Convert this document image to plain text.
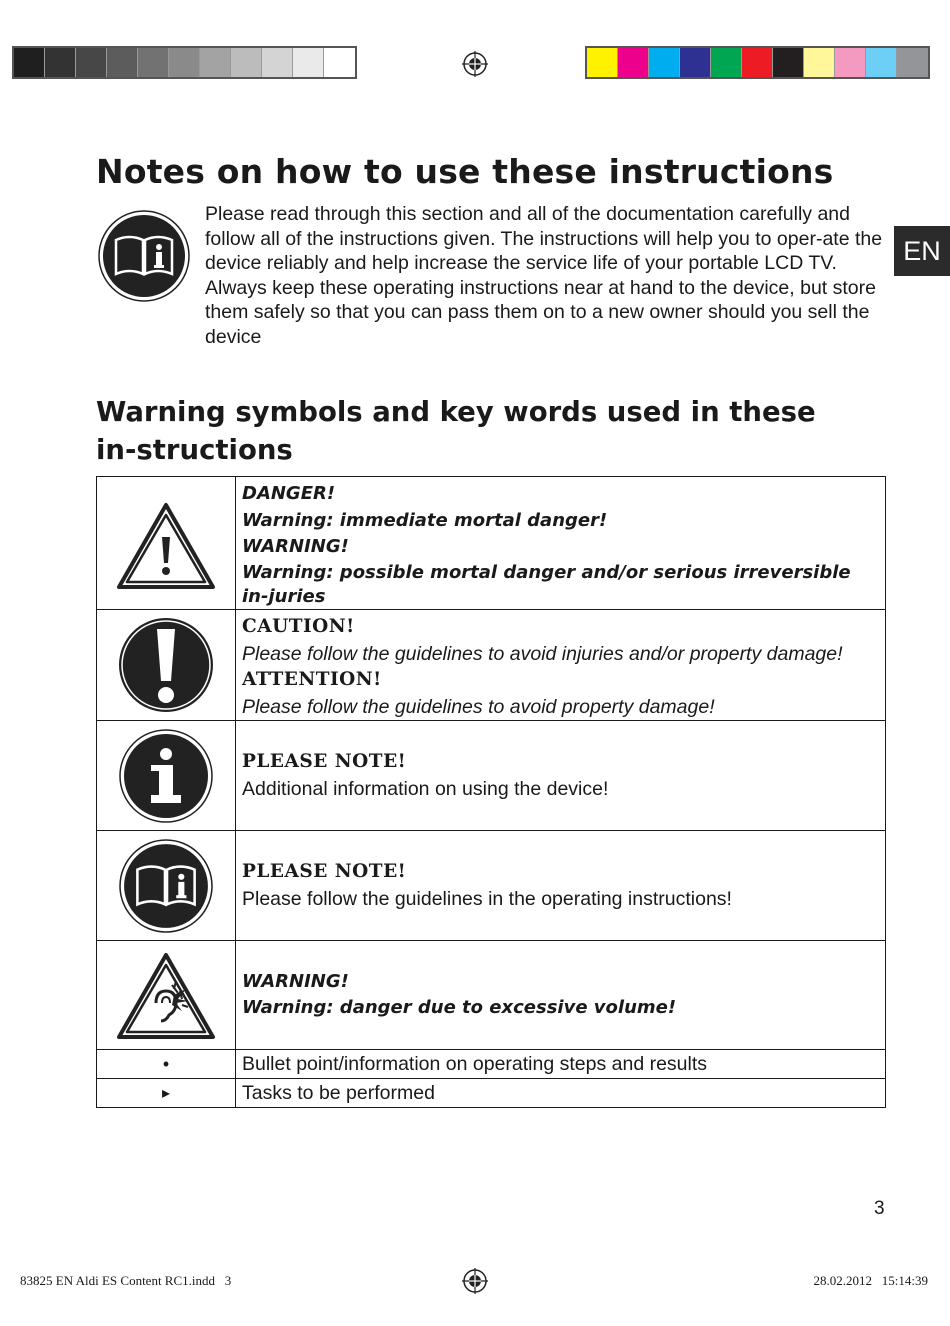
EN
Notes on how to use these instructions

Please read through this section and all of the documentation carefully and follow all of the instructions given. The instructions will help you to oper-ate the device reliably and help increase the service life of your portable LCD TV.

Always keep these operating instructions near at hand to the device, but store them safely so that you can pass them on to a new owner should you sell the device

Warning symbols and key words used in these in-structions

DANGER!
Warning: immediate mortal danger!
WARNING!
Warning: possible mortal danger and/or serious irreversible in-juries

CAUTION!
Please follow the guidelines to avoid injuries and/or property damage!
ATTENTION!
Please follow the guidelines to avoid property damage!

PLEASE NOTE!
Additional information on using the device!

PLEASE NOTE!
Please follow the guidelines in the operating instructions!

WARNING!
Warning: danger due to excessive volume!

•	Bullet point/information on operating steps and results
▸	Tasks to be performed
3
83825 EN Aldi ES Content RC1.indd   3	28.02.2012   15:14:39
